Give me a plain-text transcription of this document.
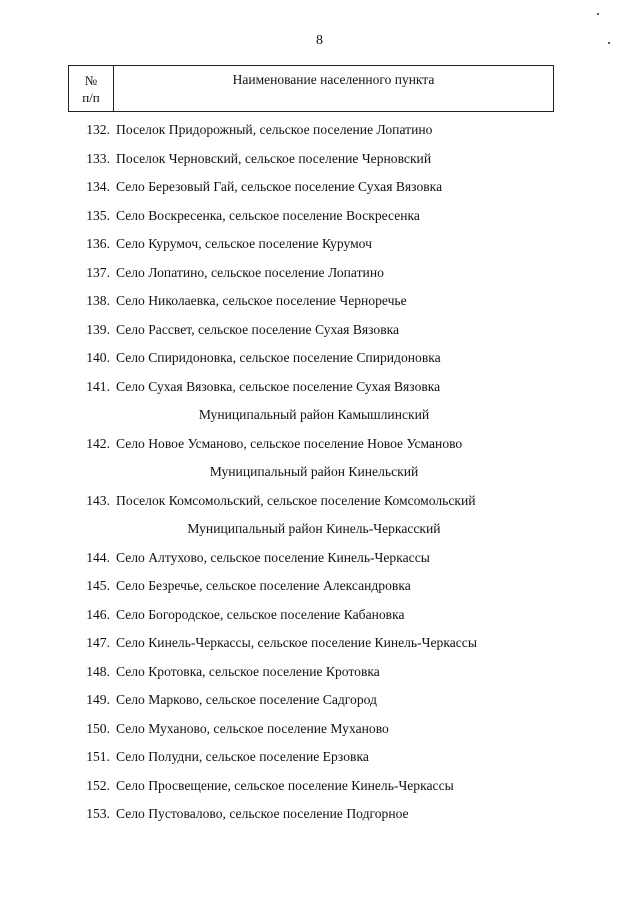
8
№
п/п
Наименование населенного пункта
132. Поселок Придорожный, сельское поселение Лопатино
133. Поселок Черновский, сельское поселение Черновский
134. Село Березовый Гай, сельское поселение Сухая Вязовка
135. Село Воскресенка, сельское поселение Воскресенка
136. Село Курумоч, сельское поселение Курумоч
137. Село Лопатино, сельское поселение Лопатино
138. Село Николаевка, сельское поселение Черноречье
139. Село Рассвет, сельское поселение Сухая Вязовка
140. Село Спиридоновка, сельское поселение Спиридоновка
141. Село Сухая Вязовка, сельское поселение Сухая Вязовка
Муниципальный район Камышлинский
142. Село Новое Усманово, сельское поселение Новое Усманово
Муниципальный район Кинельский
143. Поселок Комсомольский, сельское поселение Комсомольский
Муниципальный район Кинель-Черкасский
144. Село Алтухово, сельское поселение Кинель-Черкассы
145. Село Безречье, сельское поселение Александровка
146. Село Богородское, сельское поселение Кабановка
147. Село Кинель-Черкассы, сельское поселение Кинель-Черкассы
148. Село Кротовка, сельское поселение Кротовка
149. Село Марково, сельское поселение Садгород
150. Село Муханово, сельское поселение Муханово
151. Село Полудни, сельское поселение Ерзовка
152. Село Просвещение, сельское поселение Кинель-Черкассы
153. Село Пустовалово, сельское поселение Подгорное
